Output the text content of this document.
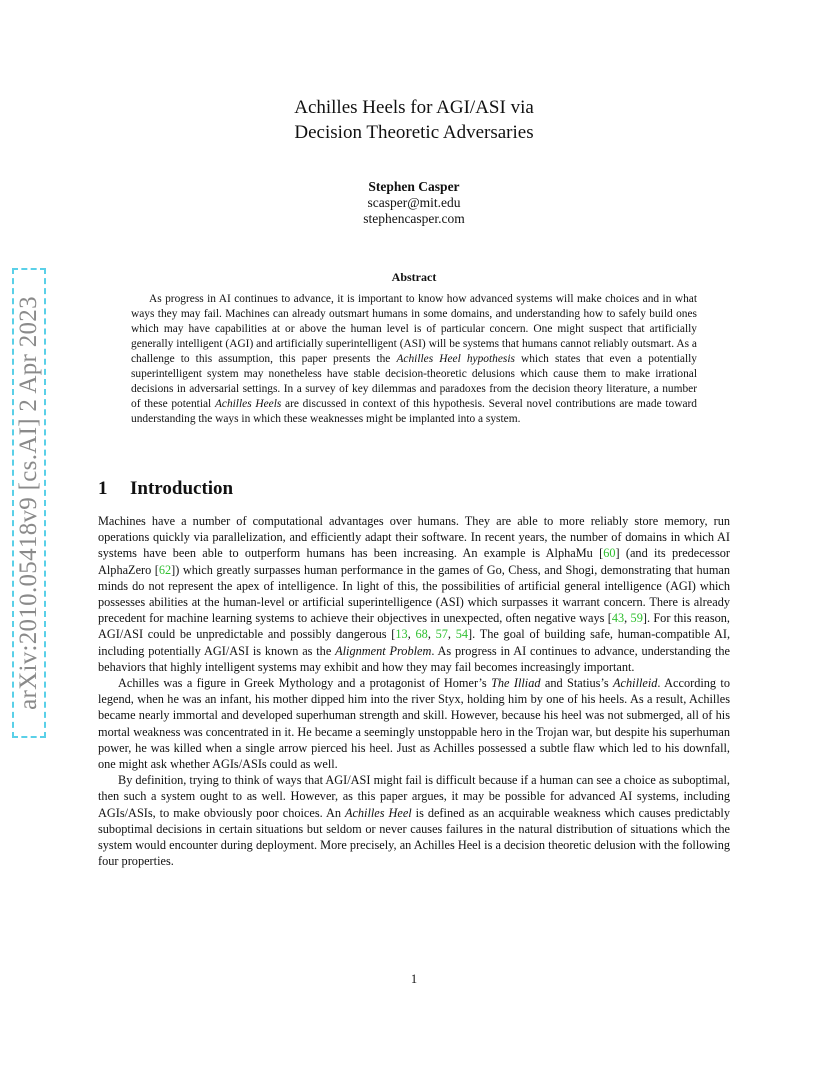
arXiv:2010.05418v9 [cs.AI] 2 Apr 2023
Achilles Heels for AGI/ASI via
Decision Theoretic Adversaries
Stephen Casper
scasper@mit.edu
stephencasper.com
Abstract
As progress in AI continues to advance, it is important to know how advanced systems will make choices and in what ways they may fail. Machines can already outsmart humans in some domains, and understanding how to safely build ones which may have capabilities at or above the human level is of particular concern. One might suspect that artificially generally intelligent (AGI) and artificially superintelligent (ASI) will be systems that humans cannot reliably outsmart. As a challenge to this assumption, this paper presents the Achilles Heel hypothesis which states that even a potentially superintelligent system may nonetheless have stable decision-theoretic delusions which cause them to make irrational decisions in adversarial settings. In a survey of key dilemmas and paradoxes from the decision theory literature, a number of these potential Achilles Heels are discussed in context of this hypothesis. Several novel contributions are made toward understanding the ways in which these weaknesses might be implanted into a system.
1 Introduction

Machines have a number of computational advantages over humans. They are able to more reliably store memory, run operations quickly via parallelization, and efficiently adapt their software. In recent years, the number of domains in which AI systems have been able to outperform humans has been increasing. An example is AlphaMu [60] (and its predecessor AlphaZero [62]) which greatly surpasses human performance in the games of Go, Chess, and Shogi, demonstrating that human minds do not represent the apex of intelligence. In light of this, the possibilities of artificial general intelligence (AGI) which possesses abilities at the human-level or artificial superintelligence (ASI) which surpasses it warrant concern. There is already precedent for machine learning systems to achieve their objectives in unexpected, often negative ways [43, 59]. For this reason, AGI/ASI could be unpredictable and possibly dangerous [13, 68, 57, 54]. The goal of building safe, human-compatible AI, including potentially AGI/ASI is known as the Alignment Problem. As progress in AI continues to advance, understanding the behaviors that highly intelligent systems may exhibit and how they may fail becomes increasingly important.

Achilles was a figure in Greek Mythology and a protagonist of Homer’s The Illiad and Statius’s Achilleid. According to legend, when he was an infant, his mother dipped him into the river Styx, holding him by one of his heels. As a result, Achilles became nearly immortal and developed superhuman strength and skill. However, because his heel was not submerged, all of his mortal weakness was concentrated in it. He became a seemingly unstoppable hero in the Trojan war, but despite his superhuman power, he was killed when a single arrow pierced his heel. Just as Achilles possessed a subtle flaw which led to his downfall, one might ask whether AGIs/ASIs could as well.

By definition, trying to think of ways that AGI/ASI might fail is difficult because if a human can see a choice as suboptimal, then such a system ought to as well. However, as this paper argues, it may be possible for advanced AI systems, including AGIs/ASIs, to make obviously poor choices. An Achilles Heel is defined as an acquirable weakness which causes predictably suboptimal decisions in certain situations but seldom or never causes failures in the natural distribution of situations which the system would encounter during deployment. More precisely, an Achilles Heel is a decision theoretic delusion with the following four properties.

1
